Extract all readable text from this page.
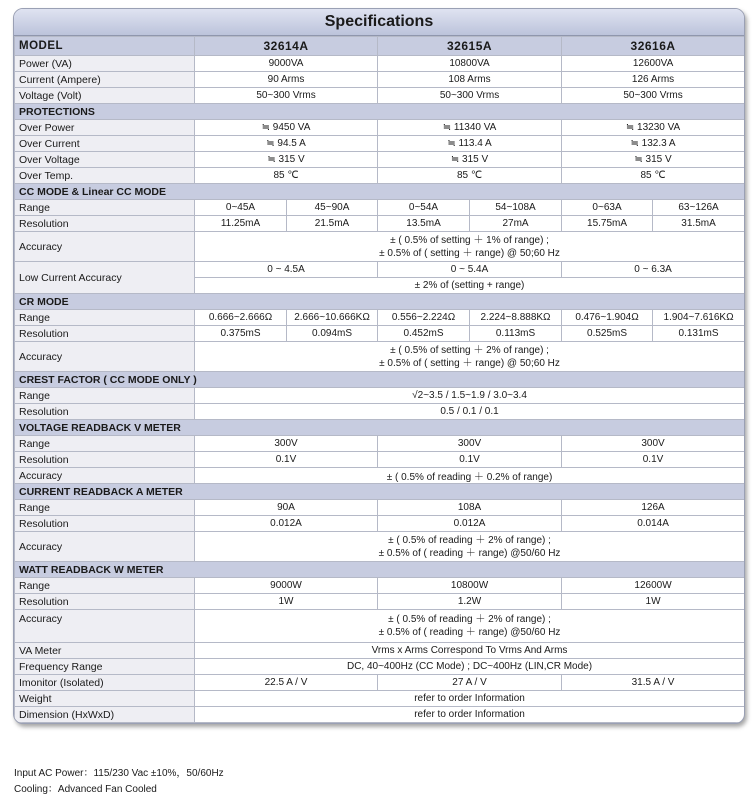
Specifications
MODEL	32614A		32615A		32616A	
Power (VA)	9000VA		10800VA		12600VA	
Current (Ampere)	90 Arms		108 Arms		126 Arms	
Voltage (Volt)	50~300 Vrms		50~300 Vrms		50~300 Vrms	
PROTECTIONS						
Over Power	≒ 9450 VA		≒ 11340 VA		≒ 13230 VA	
Over Current	≒ 94.5 A		≒ 113.4 A		≒ 132.3 A	
Over Voltage	≒ 315 V		≒ 315 V		≒ 315 V	
Over Temp.	85 ℃		85 ℃		85 ℃	
CC MODE & Linear CC MODE						
Range	0~45A	45~90A	0~54A	54~108A	0~63A	63~126A
Resolution	11.25mA	21.5mA	13.5mA	27mA	15.75mA	31.5mA
Accuracy	± ( 0.5% of setting ＋ 1% of range) ;
± 0.5% of ( setting ＋ range) @ 50;60 Hz					

Low Current Accuracy	0 ~ 4.5A		0 ~ 5.4A		0 ~ 6.3A	
	± 2% of (setting + range)					
CR MODE						
Range	0.666~2.666Ω	2.666~10.666KΩ	0.556~2.224Ω	2.224~8.888KΩ	0.476~1.904Ω	1.904~7.616KΩ
Resolution	0.375mS	0.094mS	0.452mS	0.113mS	0.525mS	0.131mS
Accuracy	± ( 0.5% of setting ＋ 2% of range) ;
± 0.5% of ( setting ＋ range) @ 50;60 Hz					

CREST FACTOR ( CC MODE ONLY )						
Range	√2~3.5 / 1.5~1.9 / 3.0~3.4					
Resolution	0.5 / 0.1 / 0.1					
VOLTAGE READBACK V METER						
Range	300V		300V		300V	
Resolution	0.1V		0.1V		0.1V	
Accuracy	± ( 0.5% of reading ＋ 0.2% of range)					
CURRENT READBACK A METER						
Range	90A		108A		126A	
Resolution	0.012A		0.012A		0.014A	
Accuracy	± ( 0.5% of reading ＋ 2% of range) ;
± 0.5% of ( reading ＋ range) @50/60 Hz					

WATT READBACK W METER						
Range	9000W		10800W		12600W	
Resolution	1W		1.2W		1W	
Accuracy	± ( 0.5% of reading ＋ 2% of range) ;
± 0.5% of ( reading ＋ range) @50/60 Hz					

VA Meter	Vrms x Arms Correspond To Vrms And Arms					
Frequency Range	DC, 40~400Hz (CC Mode) ; DC~400Hz (LIN,CR Mode)					
Imonitor (Isolated)	22.5 A / V		27 A / V		31.5 A / V	
Weight	refer to order Information					
Dimension (HxWxD)	refer to order Information					
Input AC Power：115/230 Vac ±10%，50/60Hz
Cooling：Advanced Fan Cooled
